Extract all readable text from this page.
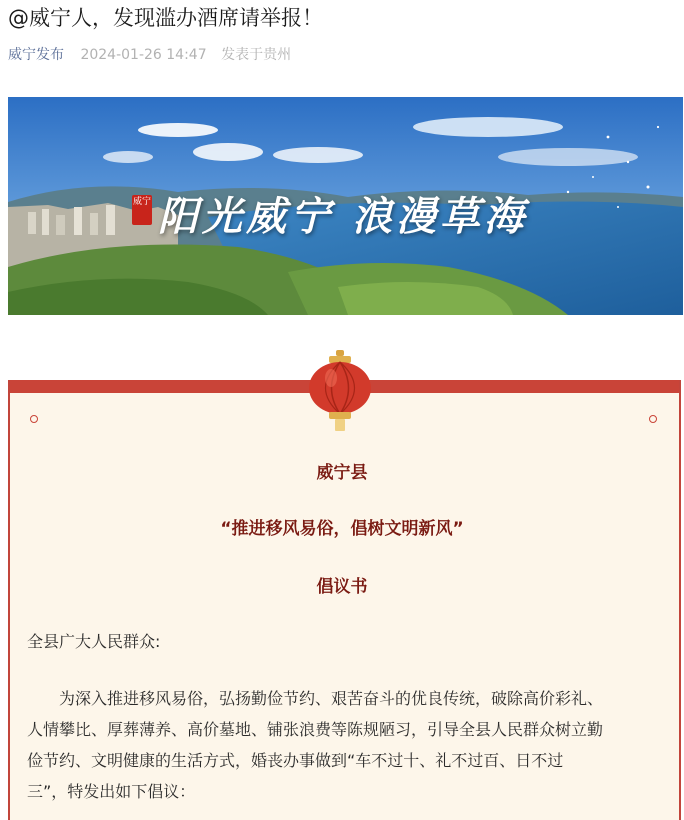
@威宁人，发现滥办酒席请举报！
威宁发布 2024-01-26 14:47 发表于贵州
威宁 阳光威宁 浪漫草海
威宁县
“推进移风易俗，倡树文明新风”
倡议书
全县广大人民群众:
为深入推进移风易俗，弘扬勤俭节约、艰苦奋斗的优良传统，破除高价彩礼、
人情攀比、厚葬薄养、高价墓地、铺张浪费等陈规陋习，引导全县人民群众树立勤
俭节约、文明健康的生活方式，婚丧办事做到“车不过十、礼不过百、日不过
三”，特发出如下倡议：
